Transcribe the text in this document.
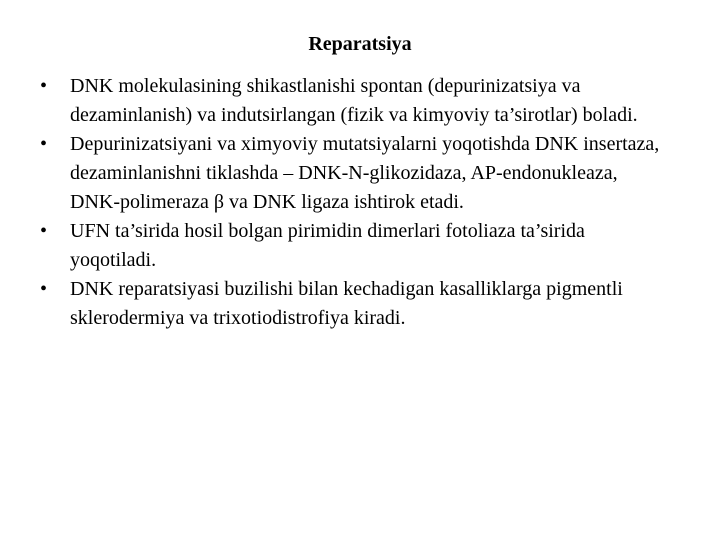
Reparatsiya
•	DNK molekulasining shikastlanishi spontan (depurinizatsiya va dezaminlanish) va indutsirlangan (fizik va kimyoviy ta’sirotlar) boladi.
•	Depurinizatsiyani va ximyoviy mutatsiyalarni yoqotishda DNK insertaza, dezaminlanishni tiklashda – DNK-N-glikozidaza, AP-endonukleaza, DNK-polimeraza β va DNK ligaza ishtirok etadi.
•	UFN ta’sirida hosil bolgan pirimidin dimerlari fotoliaza ta’sirida yoqotiladi.
•	DNK reparatsiyasi buzilishi bilan kechadigan kasalliklarga pigmentli sklerodermiya va trixotiodistrofiya kiradi.
